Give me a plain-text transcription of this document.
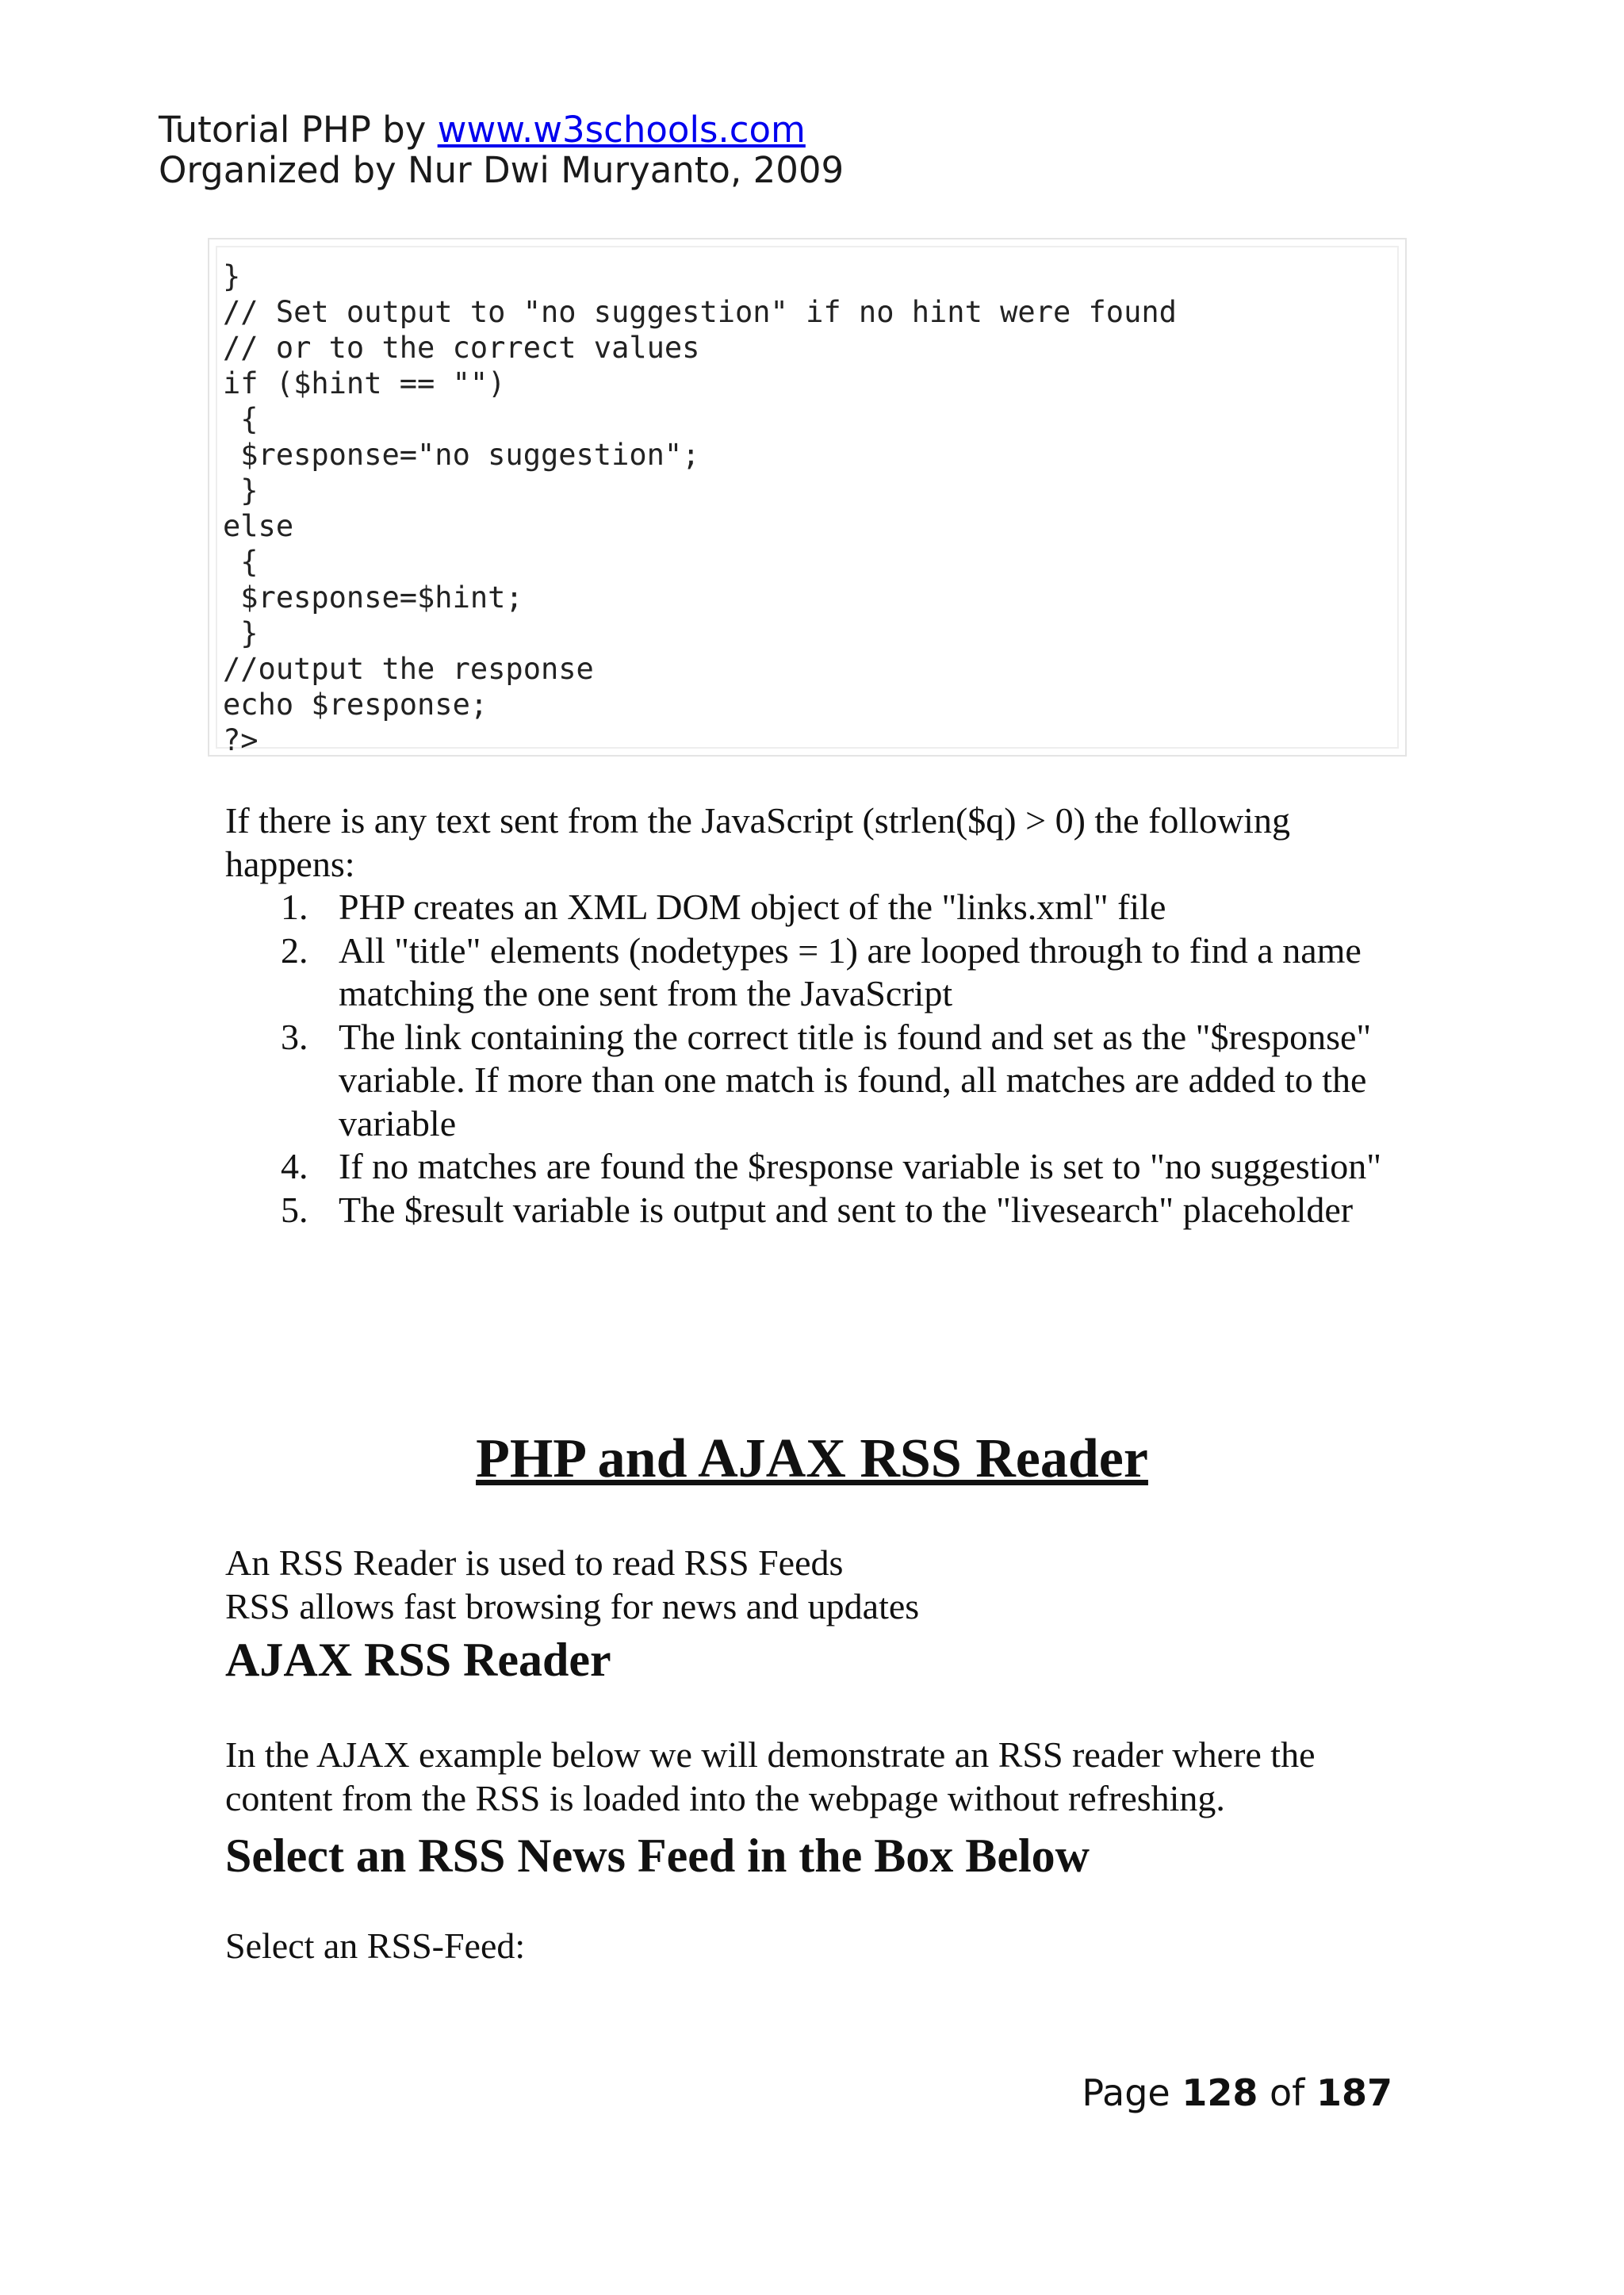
Tutorial PHP by www.w3schools.com
Organized by Nur Dwi Muryanto, 2009
}
// Set output to "no suggestion" if no hint were found
// or to the correct values
if ($hint == "")
{
$response="no suggestion";
}
else
{
$response=$hint;
}
//output the response
echo $response;
?>
If there is any text sent from the JavaScript (strlen($q) > 0) the following happens:
1. PHP creates an XML DOM object of the "links.xml" file
2. All "title" elements (nodetypes = 1) are looped through to find a name matching the one sent from the JavaScript
3. The link containing the correct title is found and set as the "$response" variable. If more than one match is found, all matches are added to the variable
4. If no matches are found the $response variable is set to "no suggestion"
5. The $result variable is output and sent to the "livesearch" placeholder
PHP and AJAX RSS Reader
An RSS Reader is used to read RSS Feeds
RSS allows fast browsing for news and updates
AJAX RSS Reader
In the AJAX example below we will demonstrate an RSS reader where the content from the RSS is loaded into the webpage without refreshing.
Select an RSS News Feed in the Box Below
Select an RSS-Feed:
Page 128 of 187
